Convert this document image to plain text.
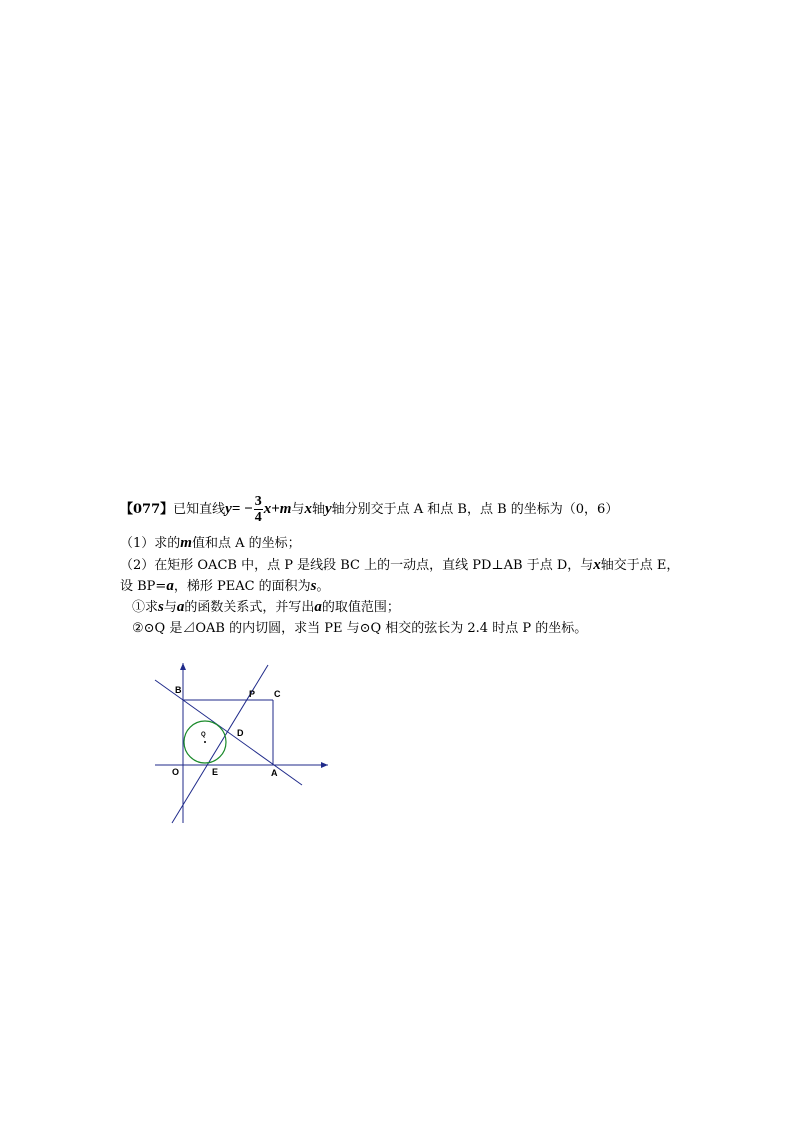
【077】已知直线$y= - \frac{3}{4} x+m$与x轴y轴分别交于点 A 和点 B，点 B 的坐标为（0，6）
（1）求的m值和点 A 的坐标；
（2）在矩形 OACB 中，点 P 是线段 BC 上的一动点，直线 PD⊥AB 于点 D，与x轴交于点 E，
设 BP=a，梯形 PEAC 的面积为s。
①求s与a的函数关系式，并写出a的取值范围；
②⊙Q 是⊿OAB 的内切圆，求当 PE 与⊙Q 相交的弦长为 2.4 时点 P 的坐标。
B	P C
D
Q
O	E	A
